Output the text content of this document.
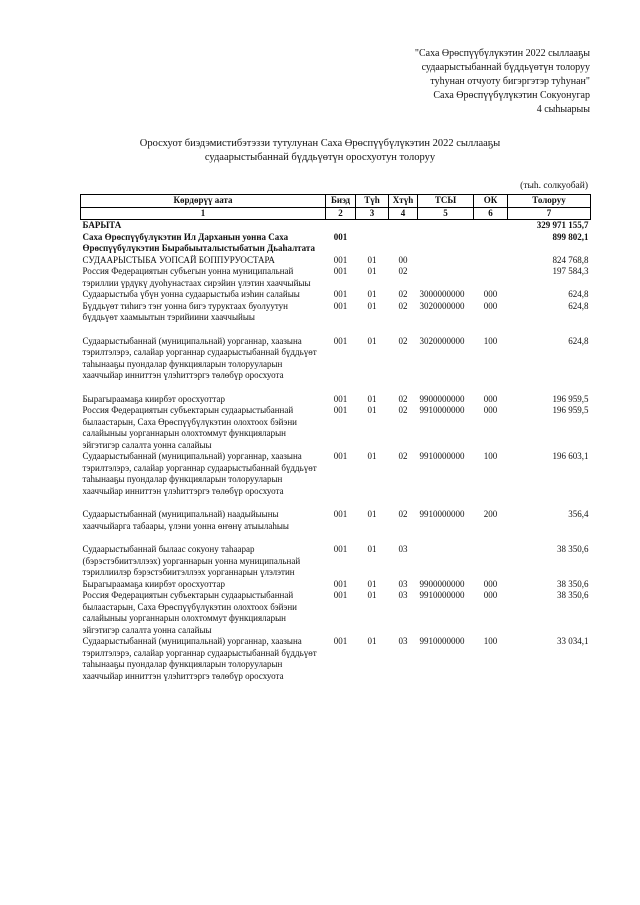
"Саха Өрөспүүбүлүкэтин 2022 сыллааҕы
судаарыстыбаннай бүддьүөтүн толоруу
туһунан отчуоту бигэргэтэр туһунан"
Саха Өрөспүүбүлүкэтин Сокуонугар
4 сыһыарыы
Оросхуот биэдэмистибэтэззи тутулунан Саха Өрөспүүбүлүкэтин 2022 сыллааҕы
судаарыстыбаннай бүддьүөтүн оросхуотун толоруу
(тыһ. солкуобай)
Көрдөрүү аата	Биэд	Түһ	Хтүһ	ТСЫ	ОК	Толоруу
1	2	3	4	5	6	7
БАРЫТА						329 971 155,7
Саха Өрөспүүбүлүкэтин Ил Дарханын уонна Саха Өрөспүүбүлүкэтин Бырабыыталыстыбатын Дьаһалтата	001					899 802,1
СУДААРЫСТЫБА УОПСАЙ БОППУРУОСТАРА	001	01	00			824 768,8
Россия Федерациятын субъегын уонна муниципальнай тэриллии үрдүкү дуоһунастаах сирэйин үлэтин хааччыйыы	001	01	02			197 584,3
Судаарыстыба үбүн уонна судаарыстыба иэһин салайыы	001	01	02	3000000000	000	624,8
Бүддьүөт тиһигэ тэҥ уонна бигэ туруктаах буолуутун бүддьүөт хаамыытын тэрийиини хааччыйыы	001	01	02	3020000000	000	624,8

Судаарыстыбаннай (муниципальнай) уорганнар, хаазына тэрилтэлэрэ, салайар уорганнар судаарыстыбаннай бүддьүөт таһынааҕы пуондалар функцияларын толорууларын хааччыйар инниттэн үлэһиттэргэ төлөбүр оросхуота	001	01	02	3020000000	100	624,8

Бырагыраамаҕа киирбэт оросхуоттар	001	01	02	9900000000	000	196 959,5
Россия Федерациятын субъектарын судаарыстыбаннай былаастарын, Саха Өрөспүүбүлүкэтин олохтоох бэйэни салайыныы уорганнарын олохтоммут функцияларын эйгэтигэр салалта уонна салайыы	001	01	02	9910000000	000	196 959,5
Судаарыстыбаннай (муниципальнай) уорганнар, хаазына тэрилтэлэрэ, салайар уорганнар судаарыстыбаннай бүддьүөт таһынааҕы пуондалар функцияларын толорууларын хааччыйар инниттэн үлэһиттэргэ төлөбүр оросхуота	001	01	02	9910000000	100	196 603,1

Судаарыстыбаннай (муниципальнай) наадыйыыны хааччыйарга табаары, үлэни уонна өҥөнү атыылаһыы	001	01	02	9910000000	200	356,4

Судаарыстыбаннай былаас сокуону таһаарар (бэрэстэбиитэллээх) уорганнарын уонна муниципальнай тэриллиилэр бэрэстэбиитэллээх уорганнарын үлэлэтин	001	01	03			38 350,6
Бырагыраамаҕа киирбэт оросхуоттар	001	01	03	9900000000	000	38 350,6
Россия Федерациятын субъектарын судаарыстыбаннай былаастарын, Саха Өрөспүүбүлүкэтин олохтоох бэйэни салайыныы уорганнарын олохтоммут функцияларын эйгэтигэр салалта уонна салайыы	001	01	03	9910000000	000	38 350,6
Судаарыстыбаннай (муниципальнай) уорганнар, хаазына тэрилтэлэрэ, салайар уорганнар судаарыстыбаннай бүддьүөт таһынааҕы пуондалар функцияларын толорууларын хааччыйар инниттэн үлэһиттэргэ төлөбүр оросхуота	001	01	03	9910000000	100	33 034,1
